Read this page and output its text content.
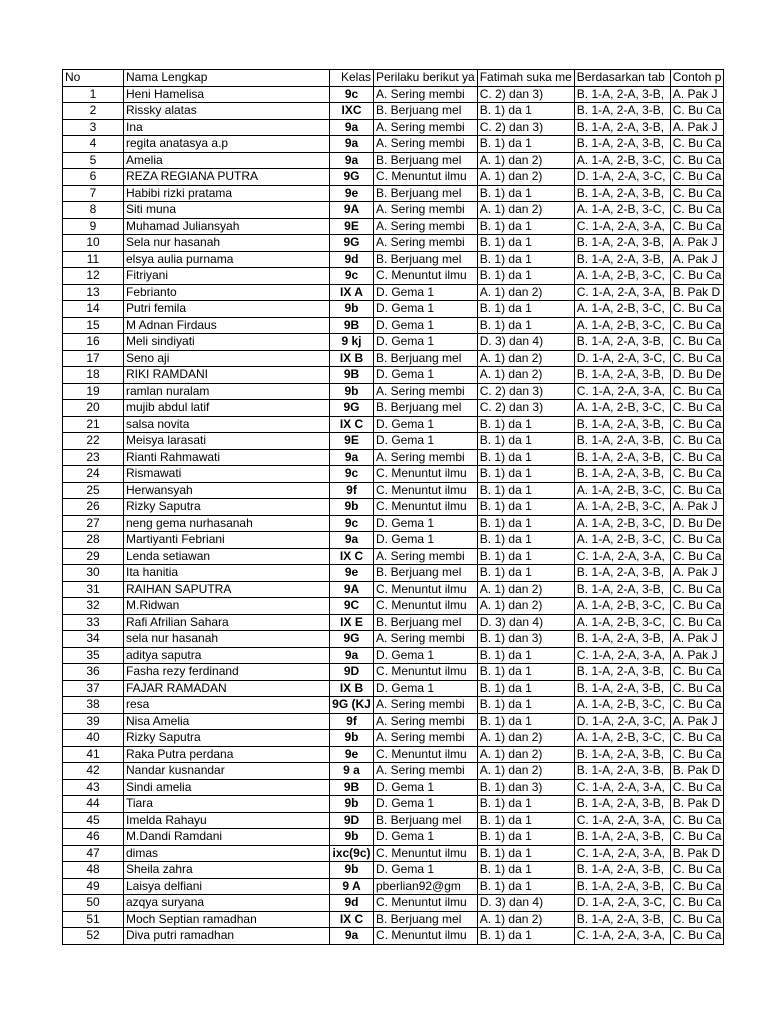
No	Nama Lengkap	Kelas	Perilaku berikut ya	Fatimah suka me	Berdasarkan tab	Contoh p
1	Heni Hamelisa	9c	A. Sering membi	C. 2) dan 3)	B. 1-A, 2-A, 3-B,	A. Pak J
2	Rissky alatas	IXC	B. Berjuang mel	B. 1) da 1	B. 1-A, 2-A, 3-B,	C. Bu Ca
3	Ina	9a	A. Sering membi	C. 2) dan 3)	B. 1-A, 2-A, 3-B,	A. Pak J
4	regita anatasya a.p	9a	A. Sering membi	B. 1) da 1	B. 1-A, 2-A, 3-B,	C. Bu Ca
5	Amelia	9a	B. Berjuang mel	A. 1) dan 2)	A. 1-A, 2-B, 3-C,	C. Bu Ca
6	REZA REGIANA PUTRA	9G	C. Menuntut ilmu	A. 1) dan 2)	D. 1-A, 2-A, 3-C,	C. Bu Ca
7	Habibi rizki pratama	9e	B. Berjuang mel	B. 1) da 1	B. 1-A, 2-A, 3-B,	C. Bu Ca
8	Siti muna	9A	A. Sering membi	A. 1) dan 2)	A. 1-A, 2-B, 3-C,	C. Bu Ca
9	Muhamad Juliansyah	9E	A. Sering membi	B. 1) da 1	C. 1-A, 2-A, 3-A,	C. Bu Ca
10	Sela nur hasanah	9G	A. Sering membi	B. 1) da 1	B. 1-A, 2-A, 3-B,	A. Pak J
11	elsya aulia purnama	9d	B. Berjuang mel	B. 1) da 1	B. 1-A, 2-A, 3-B,	A. Pak J
12	Fitriyani	9c	C. Menuntut ilmu	B. 1) da 1	A. 1-A, 2-B, 3-C,	C. Bu Ca
13	Febrianto	IX A	D. Gema 1	A. 1) dan 2)	C. 1-A, 2-A, 3-A,	B. Pak D
14	Putri femila	9b	D. Gema 1	B. 1) da 1	A. 1-A, 2-B, 3-C,	C. Bu Ca
15	M Adnan Firdaus	9B	D. Gema 1	B. 1) da 1	A. 1-A, 2-B, 3-C,	C. Bu Ca
16	Meli sindiyati	9 kj	D. Gema 1	D. 3) dan 4)	B. 1-A, 2-A, 3-B,	C. Bu Ca
17	Seno aji	IX B	B. Berjuang mel	A. 1) dan 2)	D. 1-A, 2-A, 3-C,	C. Bu Ca
18	RIKI RAMDANI	9B	D. Gema 1	A. 1) dan 2)	B. 1-A, 2-A, 3-B,	D. Bu De
19	ramlan nuralam	9b	A. Sering membi	C. 2) dan 3)	C. 1-A, 2-A, 3-A,	C. Bu Ca
20	mujib abdul latif	9G	B. Berjuang mel	C. 2) dan 3)	A. 1-A, 2-B, 3-C,	C. Bu Ca
21	salsa novita	IX C	D. Gema 1	B. 1) da 1	B. 1-A, 2-A, 3-B,	C. Bu Ca
22	Meisya larasati	9E	D. Gema 1	B. 1) da 1	B. 1-A, 2-A, 3-B,	C. Bu Ca
23	Rianti Rahmawati	9a	A. Sering membi	B. 1) da 1	B. 1-A, 2-A, 3-B,	C. Bu Ca
24	Rismawati	9c	C. Menuntut ilmu	B. 1) da 1	B. 1-A, 2-A, 3-B,	C. Bu Ca
25	Herwansyah	9f	C. Menuntut ilmu	B. 1) da 1	A. 1-A, 2-B, 3-C,	C. Bu Ca
26	Rizky Saputra	9b	C. Menuntut ilmu	B. 1) da 1	A. 1-A, 2-B, 3-C,	A. Pak J
27	neng gema nurhasanah	9c	D. Gema 1	B. 1) da 1	A. 1-A, 2-B, 3-C,	D. Bu De
28	Martiyanti Febriani	9a	D. Gema 1	B. 1) da 1	A. 1-A, 2-B, 3-C,	C. Bu Ca
29	Lenda setiawan	IX C	A. Sering membi	B. 1) da 1	C. 1-A, 2-A, 3-A,	C. Bu Ca
30	Ita hanitia	9e	B. Berjuang mel	B. 1) da 1	B. 1-A, 2-A, 3-B,	A. Pak J
31	RAIHAN SAPUTRA	9A	C. Menuntut ilmu	A. 1) dan 2)	B. 1-A, 2-A, 3-B,	C. Bu Ca
32	M.Ridwan	9C	C. Menuntut ilmu	A. 1) dan 2)	A. 1-A, 2-B, 3-C,	C. Bu Ca
33	Rafi Afrilian Sahara	IX E	B. Berjuang mel	D. 3) dan 4)	A. 1-A, 2-B, 3-C,	C. Bu Ca
34	sela nur hasanah	9G	A. Sering membi	B. 1) dan 3)	B. 1-A, 2-A, 3-B,	A. Pak J
35	aditya saputra	9a	D. Gema 1	B. 1) da 1	C. 1-A, 2-A, 3-A,	A. Pak J
36	Fasha rezy ferdinand	9D	C. Menuntut ilmu	B. 1) da 1	B. 1-A, 2-A, 3-B,	C. Bu Ca
37	FAJAR RAMADAN	IX B	D. Gema 1	B. 1) da 1	B. 1-A, 2-A, 3-B,	C. Bu Ca
38	resa	9G (KJ	A. Sering membi	B. 1) da 1	A. 1-A, 2-B, 3-C,	C. Bu Ca
39	Nisa Amelia	9f	A. Sering membi	B. 1) da 1	D. 1-A, 2-A, 3-C,	A. Pak J
40	Rizky Saputra	9b	A. Sering membi	A. 1) dan 2)	A. 1-A, 2-B, 3-C,	C. Bu Ca
41	Raka Putra perdana	9e	C. Menuntut ilmu	A. 1) dan 2)	B. 1-A, 2-A, 3-B,	C. Bu Ca
42	Nandar kusnandar	9 a	A. Sering membi	A. 1) dan 2)	B. 1-A, 2-A, 3-B,	B. Pak D
43	Sindi amelia	9B	D. Gema 1	B. 1) dan 3)	C. 1-A, 2-A, 3-A,	C. Bu Ca
44	Tiara	9b	D. Gema 1	B. 1) da 1	B. 1-A, 2-A, 3-B,	B. Pak D
45	Imelda Rahayu	9D	B. Berjuang mel	B. 1) da 1	C. 1-A, 2-A, 3-A,	C. Bu Ca
46	M.Dandi Ramdani	9b	D. Gema 1	B. 1) da 1	B. 1-A, 2-A, 3-B,	C. Bu Ca
47	dimas	ixc(9c)	C. Menuntut ilmu	B. 1) da 1	C. 1-A, 2-A, 3-A,	B. Pak D
48	Sheila zahra	9b	D. Gema 1	B. 1) da 1	B. 1-A, 2-A, 3-B,	C. Bu Ca
49	Laisya delfiani	9 A	pberlian92@gm	B. 1) da 1	B. 1-A, 2-A, 3-B,	C. Bu Ca
50	azqya suryana	9d	C. Menuntut ilmu	D. 3) dan 4)	D. 1-A, 2-A, 3-C,	C. Bu Ca
51	Moch Septian ramadhan	IX C	B. Berjuang mel	A. 1) dan 2)	B. 1-A, 2-A, 3-B,	C. Bu Ca
52	Diva putri ramadhan	9a	C. Menuntut ilmu	B. 1) da 1	C. 1-A, 2-A, 3-A,	C. Bu Ca
